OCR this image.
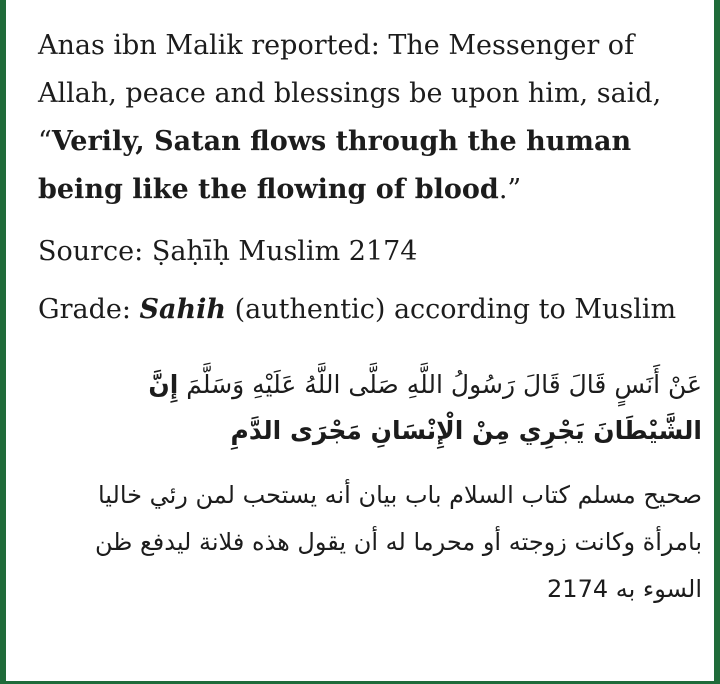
Anas ibn Malik reported: The Messenger of Allah, peace and blessings be upon him, said, “Verily, Satan flows through the human being like the flowing of blood.”

Source: Ṣaḥīḥ Muslim 2174

Grade: Sahih (authentic) according to Muslim

عَنْ أَنَسٍ قَالَ قَالَ رَسُولُ اللَّهِ صَلَّى اللَّهُ عَلَيْهِ وَسَلَّمَ إِنَّ الشَّيْطَانَ يَجْرِي مِنْ الْإِنْسَانِ مَجْرَى الدَّمِ
صحيح مسلم كتاب السلام باب بيان أنه يستحب لمن رئي خاليا بامرأة وكانت زوجته أو محرما له أن يقول هذه فلانة ليدفع ظن السوء به 2174
